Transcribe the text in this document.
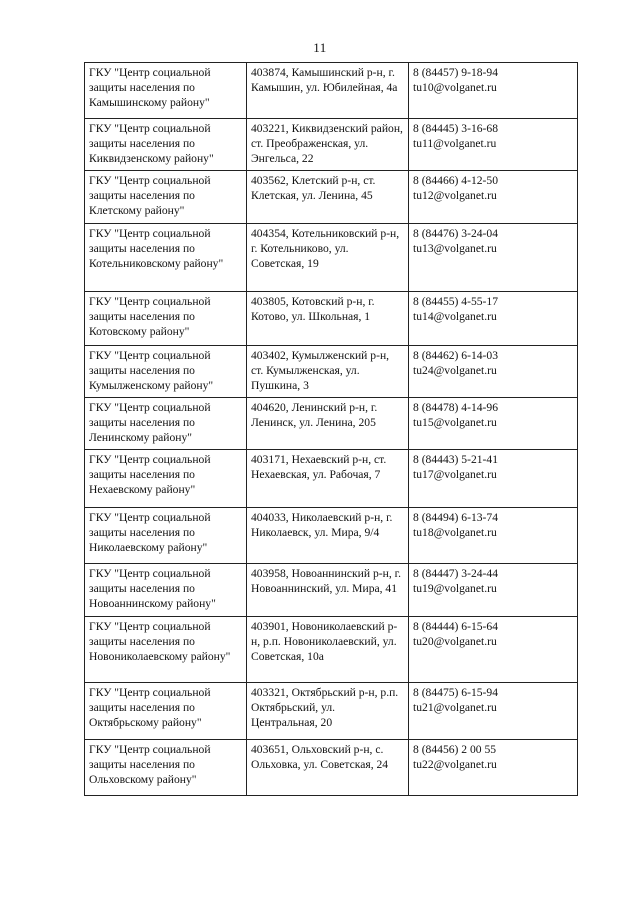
11
ГКУ "Центр социальной защиты населения по Камышинскому району"	403874, Камышинский р-н, г. Камышин, ул. Юбилейная, 4а	8 (84457) 9-18-94
tu10@volganet.ru

ГКУ "Центр социальной защиты населения по Киквидзенскому району"	403221, Киквидзенский район, ст. Преображенская, ул. Энгельса, 22	8 (84445) 3-16-68
tu11@volganet.ru

ГКУ "Центр социальной защиты населения по Клетскому району"	403562, Клетский р-н, ст. Клетская, ул. Ленина, 45	8 (84466) 4-12-50
tu12@volganet.ru

ГКУ "Центр социальной защиты населения по Котельниковскому району"	404354, Котельниковский р-н, г. Котельниково, ул. Советская, 19	8 (84476) 3-24-04
tu13@volganet.ru

ГКУ "Центр социальной защиты населения по Котовскому району"	403805, Котовский р-н, г. Котово, ул. Школьная, 1	8 (84455) 4-55-17
tu14@volganet.ru

ГКУ "Центр социальной защиты населения по Кумылженскому району"	403402, Кумылженский р-н, ст. Кумылженская, ул. Пушкина, 3	8 (84462) 6-14-03
tu24@volganet.ru

ГКУ "Центр социальной защиты населения по Ленинскому району"	404620, Ленинский р-н, г. Ленинск, ул. Ленина, 205	8 (84478) 4-14-96
tu15@volganet.ru

ГКУ "Центр социальной защиты населения по Нехаевскому району"	403171, Нехаевский р-н, ст. Нехаевская, ул. Рабочая, 7	8 (84443) 5-21-41
tu17@volganet.ru

ГКУ "Центр социальной защиты населения по Николаевскому району"	404033, Николаевский р-н, г. Николаевск, ул. Мира, 9/4	8 (84494) 6-13-74
tu18@volganet.ru

ГКУ "Центр социальной защиты населения по Новоаннинскому району"	403958, Новоаннинский р-н, г. Новоаннинский, ул. Мира, 41	8 (84447) 3-24-44
tu19@volganet.ru

ГКУ "Центр социальной защиты населения по Новониколаевскому району"	403901, Новониколаевский р-н, р.п. Новониколаевский, ул. Советская, 10а	8 (84444) 6-15-64
tu20@volganet.ru

ГКУ "Центр социальной защиты населения по Октябрьскому району"	403321, Октябрьский р-н, р.п. Октябрьский, ул. Центральная, 20	8 (84475) 6-15-94
tu21@volganet.ru

ГКУ "Центр социальной защиты населения по Ольховскому району"	403651, Ольховский р-н, с. Ольховка, ул. Советская, 24	8 (84456) 2 00 55
tu22@volganet.ru
